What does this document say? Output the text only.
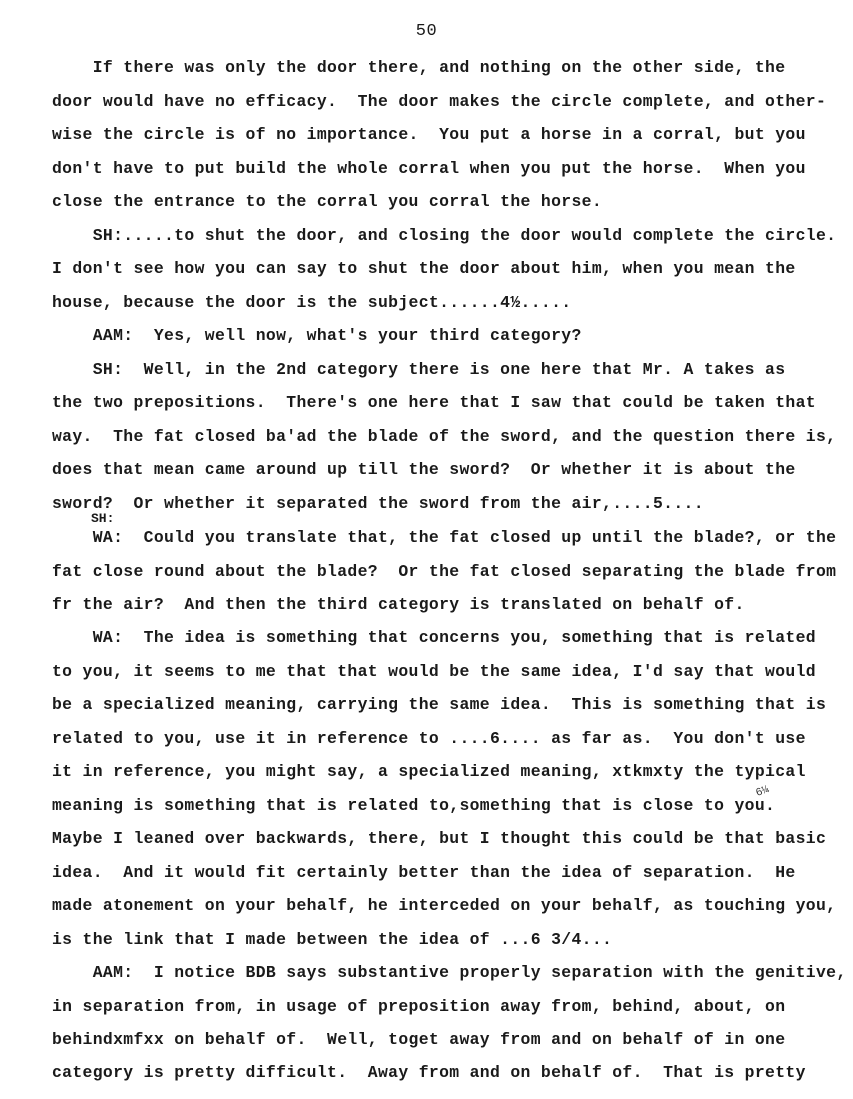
50
If there was only the door there, and nothing on the other side, the
door would have no efficacy.  The door makes the circle complete, and other-
wise the circle is of no importance.  You put a horse in a corral, but you
don't have to put build the whole corral when you put the horse.  When you
close the entrance to the corral you corral the horse.
SH:.....to shut the door, and closing the door would complete the circle.
I don't see how you can say to shut the door about him, when you mean the
house, because the door is the subject......4½.....
AAM:  Yes, well now, what's your third category?
SH:  Well, in the 2nd category there is one here that Mr. A takes as
the two prepositions.  There's one here that I saw that could be taken that
way.  The fat closed ba'ad the blade of the sword, and the question there is,
does that mean came around up till the sword?  Or whether it is about the
sword?  Or whether it separated the sword from the air,....5....
SH:
WA:  Could you translate that, the fat closed up until the blade?, or the
fat close round about the blade?  Or the fat closed separating the blade from
fr the air?  And then the third category is translated on behalf of.
WA:  The idea is something that concerns you, something that is related
to you, it seems to me that that would be the same idea, I'd say that would
be a specialized meaning, carrying the same idea.  This is something that is
related to you, use it in reference to ....6.... as far as.  You don't use
it in reference, you might say, a specialized meaning, xtkmxty the typical
meaning is something that is related to,something that is close to you.
6¼
Maybe I leaned over backwards, there, but I thought this could be that basic
idea.  And it would fit certainly better than the idea of separation.  He
made atonement on your behalf, he interceded on your behalf, as touching you,
is the link that I made between the idea of ...6 3/4...
AAM:  I notice BDB says substantive properly separation with the genitive,
in separation from, in usage of preposition away from, behind, about, on
behindxmfxx on behalf of.  Well, toget away from and on behalf of in one
category is pretty difficult.  Away from and on behalf of.  That is pretty
